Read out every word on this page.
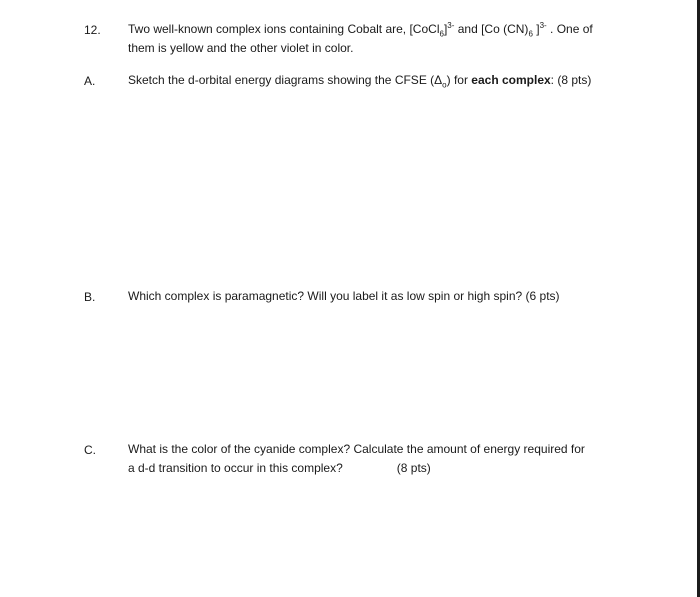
12. Two well-known complex ions containing Cobalt are, [CoCl$_6$]$^{3-}$ and [Co $(CN)_6$ ]$^{3-}$ . One of
them is yellow and the other violet in color.
A.	Sketch the d-orbital energy diagrams showing the CFSE $(\Delta_o)$ for each complex: (8 pts)
B.	Which complex is paramagnetic? Will you label it as low spin or high spin? (6 pts)
C.	What is the color of the cyanide complex? Calculate the amount of energy required for
a d-d transition to occur in this complex?	(8 pts)
